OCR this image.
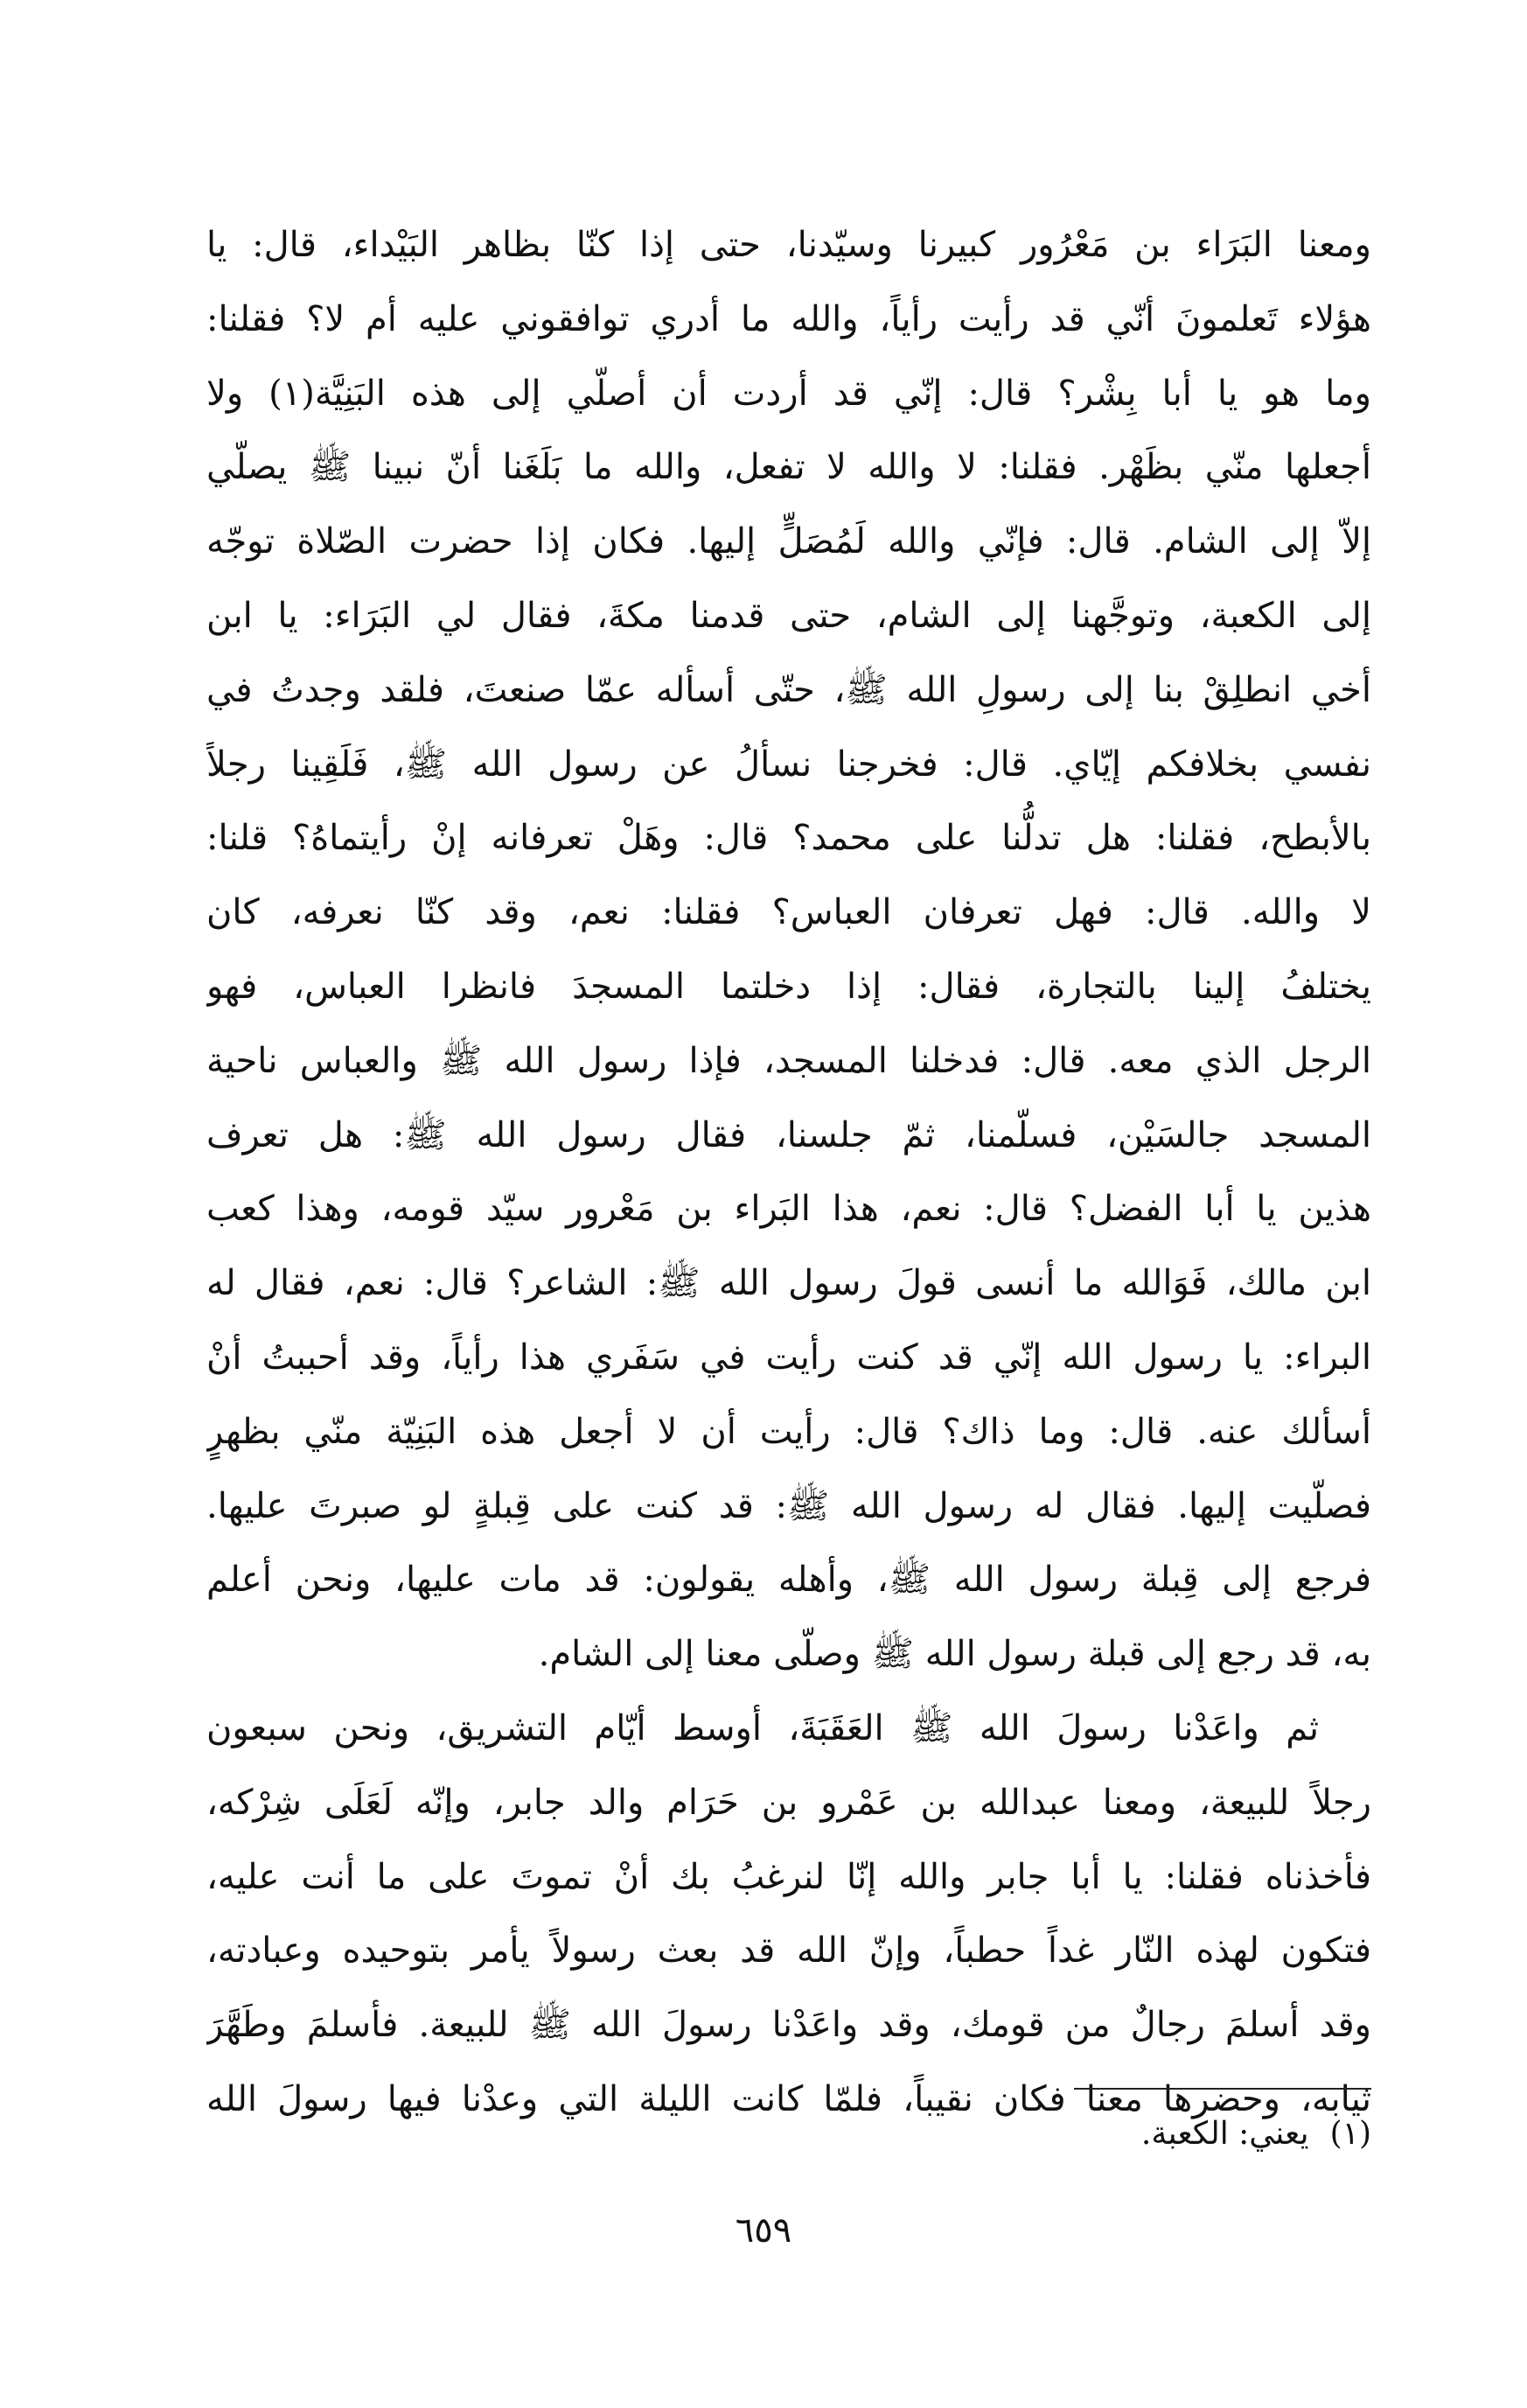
ومعنا البَرَاء بن مَعْرُور كبيرنا وسيّدنا، حتى إذا كنّا بظاهر البَيْداء، قال: يا
هؤلاء تَعلمونَ أنّي قد رأيت رأياً، والله ما أدري توافقوني عليه أم لا؟ فقلنا:
وما هو يا أبا بِشْر؟ قال: إنّي قد أردت أن أصلّي إلى هذه البَنِيَّة(١) ولا
أجعلها منّي بظَهْر. فقلنا: لا والله لا تفعل، والله ما بَلَغَنا أنّ نبينا ﷺ يصلّي
إلاّ إلى الشام. قال: فإنّي والله لَمُصَلٍّ إليها. فكان إذا حضرت الصّلاة توجّه
إلى الكعبة، وتوجَّهنا إلى الشام، حتى قدمنا مكةَ، فقال لي البَرَاء: يا ابن
أخي انطلِقْ بنا إلى رسولِ الله ﷺ، حتّى أسأله عمّا صنعتَ، فلقد وجدتُ في
نفسي بخلافكم إيّاي. قال: فخرجنا نسألُ عن رسول الله ﷺ، فَلَقِينا رجلاً
بالأبطح، فقلنا: هل تدلُّنا على محمد؟ قال: وهَلْ تعرفانه إنْ رأيتماهُ؟ قلنا:
لا والله. قال: فهل تعرفان العباس؟ فقلنا: نعم، وقد كنّا نعرفه، كان
يختلفُ إلينا بالتجارة، فقال: إذا دخلتما المسجدَ فانظرا العباس، فهو
الرجل الذي معه. قال: فدخلنا المسجد، فإذا رسول الله ﷺ والعباس ناحية
المسجد جالسَيْن، فسلّمنا، ثمّ جلسنا، فقال رسول الله ﷺ: هل تعرف
هذين يا أبا الفضل؟ قال: نعم، هذا البَراء بن مَعْرور سيّد قومه، وهذا كعب
ابن مالك، فَوَالله ما أنسى قولَ رسول الله ﷺ: الشاعر؟ قال: نعم، فقال له
البراء: يا رسول الله إنّي قد كنت رأيت في سَفَري هذا رأياً، وقد أحببتُ أنْ
أسألك عنه. قال: وما ذاك؟ قال: رأيت أن لا أجعل هذه البَنِيّة منّي بظهرٍ
فصلّيت إليها. فقال له رسول الله ﷺ: قد كنت على قِبلةٍ لو صبرتَ عليها.
فرجع إلى قِبلة رسول الله ﷺ، وأهله يقولون: قد مات عليها، ونحن أعلم
به، قد رجع إلى قبلة رسول الله ﷺ وصلّى معنا إلى الشام.
ثم واعَدْنا رسولَ الله ﷺ العَقَبَةَ، أوسط أيّام التشريق، ونحن سبعون
رجلاً للبيعة، ومعنا عبدالله بن عَمْرو بن حَرَام والد جابر، وإنّه لَعَلَى شِرْكه،
فأخذناه فقلنا: يا أبا جابر والله إنّا لنرغبُ بك أنْ تموتَ على ما أنت عليه،
فتكون لهذه النّار غداً حطباً، وإنّ الله قد بعث رسولاً يأمر بتوحيده وعبادته،
وقد أسلمَ رجالٌ من قومك، وقد واعَدْنا رسولَ الله ﷺ للبيعة. فأسلمَ وطَهَّرَ
ثيابه، وحضرها معنا فكان نقيباً، فلمّا كانت الليلة التي وعدْنا فيها رسولَ الله
(١)يعني: الكعبة.
٦٥٩
